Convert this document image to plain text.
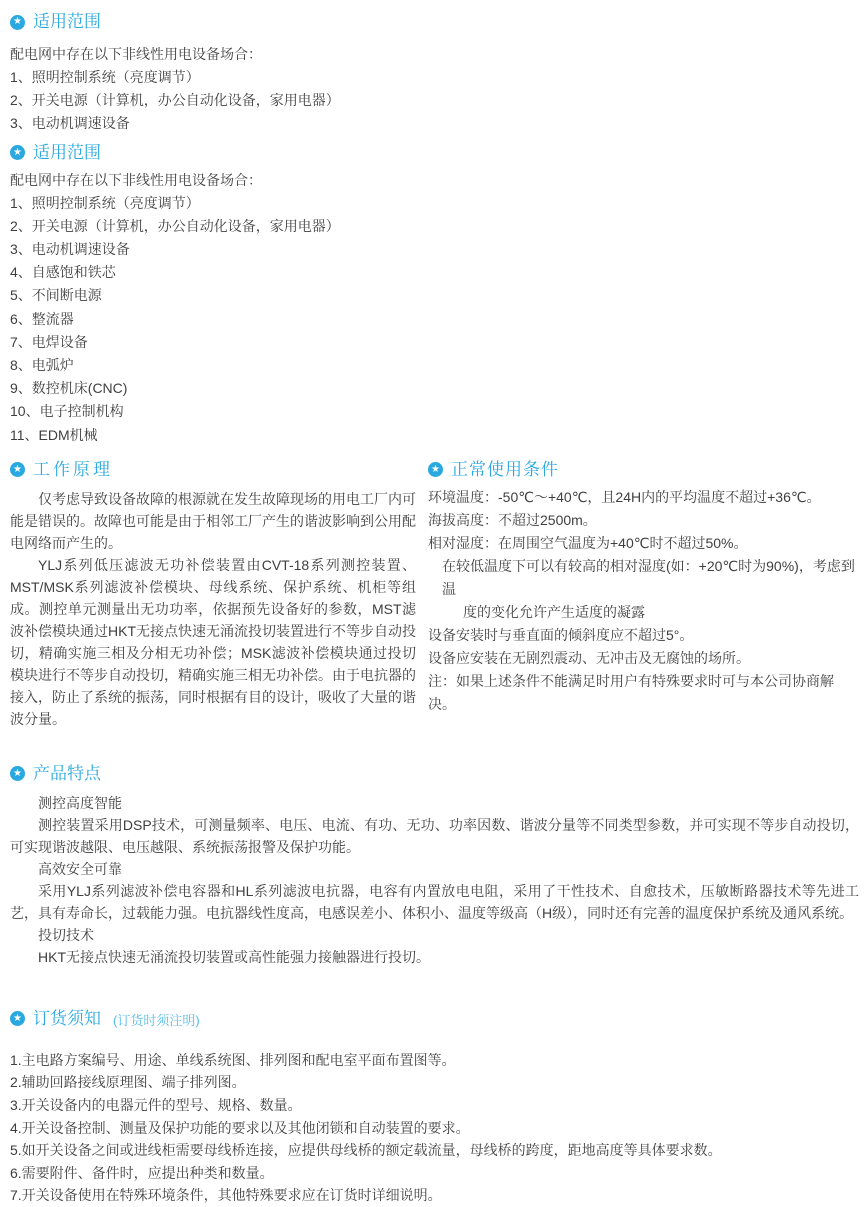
★ 适用范围
配电网中存在以下非线性用电设备场合：
1、照明控制系统（亮度调节）
2、开关电源（计算机，办公自动化设备，家用电器）
3、电动机调速设备
★ 适用范围
配电网中存在以下非线性用电设备场合：
1、照明控制系统（亮度调节）
2、开关电源（计算机，办公自动化设备，家用电器）
3、电动机调速设备
4、自感饱和铁芯
5、不间断电源
6、整流器
7、电焊设备
8、电弧炉
9、数控机床(CNC)
10、电子控制机构
11、EDM机械
★ 工作原理

仅考虑导致设备故障的根源就在发生故障现场的用电工厂内可能是错误的。故障也可能是由于相邻工厂产生的谐波影响到公用配电网络而产生的。

YLJ系列低压滤波无功补偿装置由CVT-18系列测控装置、MST/MSK系列滤波补偿模块、母线系统、保护系统、机柜等组成。测控单元测量出无功功率，依据预先设备好的参数，MST滤波补偿模块通过HKT无接点快速无涌流投切装置进行不等步自动投切，精确实施三相及分相无功补偿；MSK滤波补偿模块通过投切模块进行不等步自动投切，精确实施三相无功补偿。由于电抗器的接入，防止了系统的振荡，同时根据有目的设计，吸收了大量的谐波分量。

★ 正常使用条件
环境温度：-50℃～+40℃，且24H内的平均温度不超过+36℃。
海拔高度：不超过2500m。
相对湿度：在周围空气温度为+40℃时不超过50%。
在较低温度下可以有较高的相对湿度(如：+20℃时为90%)，考虑到温
度的变化允许产生适度的凝露
设备安装时与垂直面的倾斜度应不超过5°。
设备应安装在无剧烈震动、无冲击及无腐蚀的场所。
注：如果上述条件不能满足时用户有特殊要求时可与本公司协商解决。
★ 产品特点
测控高度智能

测控装置采用DSP技术，可测量频率、电压、电流、有功、无功、功率因数、谐波分量等不同类型参数，并可实现不等步自动投切，可实现谐波越限、电压越限、系统振荡报警及保护功能。

高效安全可靠

采用YLJ系列滤波补偿电容器和HL系列滤波电抗器，电容有内置放电电阻，采用了干性技术、自愈技术，压敏断路器技术等先进工艺，具有寿命长，过载能力强。电抗器线性度高，电感误差小、体积小、温度等级高（H级），同时还有完善的温度保护系统及通风系统。

投切技术

HKT无接点快速无涌流投切装置或高性能强力接触器进行投切。

★ 订货须知 (订货时须注明)
1.主电路方案编号、用途、单线系统图、排列图和配电室平面布置图等。
2.辅助回路接线原理图、端子排列图。
3.开关设备内的电器元件的型号、规格、数量。
4.开关设备控制、测量及保护功能的要求以及其他闭锁和自动装置的要求。
5.如开关设备之间或进线柜需要母线桥连接，应提供母线桥的额定载流量，母线桥的跨度，距地高度等具体要求数。
6.需要附件、备件时，应提出种类和数量。
7.开关设备使用在特殊环境条件，其他特殊要求应在订货时详细说明。
